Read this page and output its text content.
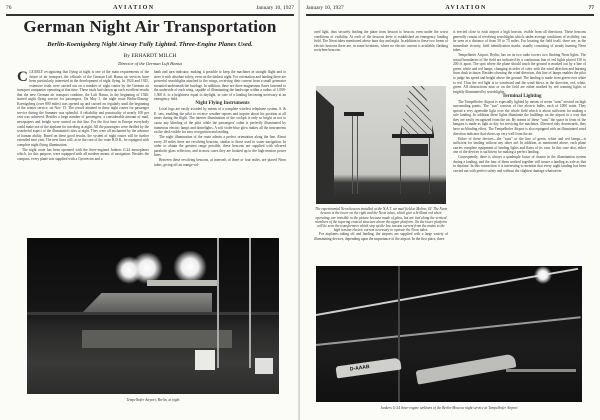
76	AVIATION	January 10, 1927
German Night Air Transportation
Berlin-Koenigsberg Night Airway Fully Lighted. Three-Engine Planes Used.
By ERHARDT MILCH
Director of the German Luft Hansa

CLEARLY recognizing that flying at night is one of the main requirements of the future of air transport, the officials of the German Luft Hansa air services have been particularly interested in the development of night flying. In 1924 and 1925, extensive trials were carried out on a number of night routes by the German air transport companies operating at that time. These trials had shown up such excellent results that the new German air transport combine, the Luft Hansa, in the beginning of 1926, started night flying service for passengers. On May 1, the night route Berlin-Danzig-Koenigsberg (over 800 miles) was opened up and carried on regularly until the beginning of the winter service, on Nov. 15. The record attained in these night routes for passenger service during the Summer was splendid. A reliability and punctuality of nearly 100 per cent was achieved. Besides a large number of passengers, a considerable amount of mail, newspapers and freight were carried on this line. For the first time in Europe everybody could make use of the airplane for traveling at night. All the passengers were thrilled by the wonderful aspect of the illuminated cities at night. They were all enchanted by the advance of human ability. Based on these good results, the system of night routes will be further extended next year. The new lines will, as in the case of the route B.D.K., be equipped with complete night flying illumination.

The night route has been operated with the three-engined Junkers G.24 monoplanes which, for this purpose, were equipped with all modern means of navigation. Besides the compass, every plane was supplied with a Gyrorector and a

bank and turn indicator, making it possible to keep the machines in straight flight and to steer it with absolute safety, even on the darkest night. For orientation and landing there are powerful searchlights attached to the wings, receiving their current from a small generator mounted underneath the fuselage. In addition, there are three magnesium flares fastened to the underside of each wing, capable of illuminating the landscape within a radius of 1,000-1,500 ft. to a brightness equal to daylight, in case of a landing becoming necessary at an emergency field.

Night Flying Instruments

Local fogs are easily avoided by means of a complete wireless telephone system, S. & E. sets, enabling the pilot to receive weather reports and inquire about his position at all times during the flight. The interior illumination of the cockpit is only so bright as not to cause any blinding of the pilot while the passengers' cabin is perfectly illuminated by numerous electric lamps and domelights. A soft violet-blue glow makes all the instruments on the dash visible for easy recognition and reading.

The night illumination of the route admits a perfect orientation along the line. About every 20 miles there are revolving beacons, similar to those used in water navigation. In order to obtain the greatest range possible, these beacons are supplied with silvered parabolic glass reflectors, and in most cases they are hooked up to the high-tension power lines.

Between these revolving beacons, at intervals of three or four miles, are placed Neon tubes, giving off an orange-col-

Tempelhofer Airport, Berlin, at night
January 10, 1927	AVIATION	77

ored light, thus securely leading the plane from beacon to beacon, even under the worst conditions of visibility. At each of the beacons there is established an emergency landing field. The Neon tubes mentioned above burn day and night. In addition to these two forms of electric beacons there are, in some locations, where no electric current is available, flashing acetylene beacons.

The experimental Neon beacon installed at the N.A.T. air mail field at Moline, Ill. The Neon beacon is the tower on the right and the Neon tubes, which give a brilliant red when operating, are invisible in the picture because made of glass, but are tied along the vertical members of the tapering conical structure above the upper platform. On the lower platform will be seen the transformers which step up the low tension current from the mains to the high tension electric current necessary to operate the Neon tubes.

For airplanes taking off and landing, the airports are supplied with a large variety of illuminating devices, depending upon the importance of the airport. In the first place, there

is erected close to each airport a high beacon, visible from all directions. These beacons generally consist of revolving searchlights which, under average conditions of visibility, can be seen at a distance of from 50 to 75 miles. For locating the field itself, there are, in the immediate vicinity, field identification marks, usually consisting of steady burning Neon tubes.

Tempelhofer Airport, Berlin, has on its two radio towers two flashing Neon lights. The actual boundaries of the field are indicated by a continuous line of red lights placed 150 to 200 ft. apart. The spot where the plane should touch the ground is marked out by a line of green, white and red lamps, changing in order of color with the wind direction and burning from dusk to dawn. Besides showing the wind direction, this line of lamps enables the pilot to judge his speed and height above the ground. The landing is made from green over white to red. Thus the red light is to windward and the wind blows in the direction, red, white, green. All obstructions near or on the field are either marked by red warning lights or brightly illuminated by searchlights.

Terminal Lighting

The Tempelhofer Airport is especially lighted by means of seven "suns" erected on high surrounding points. The "sun" consists of five electric bulbs, each of 1000 watts. They spread a very agreeable light over the whole field which is about sufficient for making a safe landing. In addition these lights illuminate the buildings on the airport in a way that they are easily recognized from the air. By means of these "suns" the space in front of the hangars is made as light as day for servicing the machines. Directed only downwards, they have no blinding effect. The Tempelhofer Airport is also equipped with an illuminated wind direction indicator that shows up very well from the air.

Either of these devices—the "suns" or the line of green, white and red lamps—is sufficient for landing without any other aid. In addition, as mentioned above, each plane carries complete equipment of landing lights and flares of its own. In this case also, either one of the devices is sufficient for making a perfect landing.

Consequently, there is always a quadruple factor of chance in the illumination system during a landing, and the four of them worked together will insure a landing as safe as that in daytime. In this connection it is interesting to mention that every night landing has been carried out with perfect safety and without the slightest damage whatsoever.

D-AAAB
Junkers G-24 three-engine airliners of the Berlin-Moscow night service at Tempelhofer Airport
